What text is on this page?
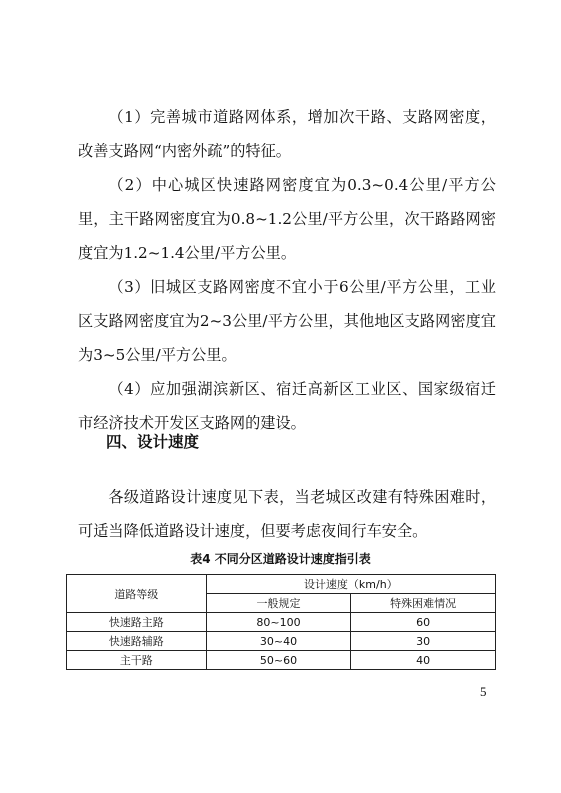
（1）完善城市道路网体系，增加次干路、支路网密度，改善支路网“内密外疏”的特征。

（2）中心城区快速路网密度宜为0.3~0.4公里/平方公里，主干路网密度宜为0.8~1.2公里/平方公里，次干路路网密度宜为1.2~1.4公里/平方公里。

（3）旧城区支路网密度不宜小于6公里/平方公里，工业区支路网密度宜为2~3公里/平方公里，其他地区支路网密度宜为3~5公里/平方公里。

（4）应加强湖滨新区、宿迁高新区工业区、国家级宿迁市经济技术开发区支路网的建设。

四、设计速度

各级道路设计速度见下表，当老城区改建有特殊困难时，可适当降低道路设计速度，但要考虑夜间行车安全。

表4 不同分区道路设计速度指引表

道路等级	设计速度（km/h）	
	一般规定	特殊困难情况
快速路主路	80~100	60
快速路辅路	30~40	30
主干路	50~60	40
5
